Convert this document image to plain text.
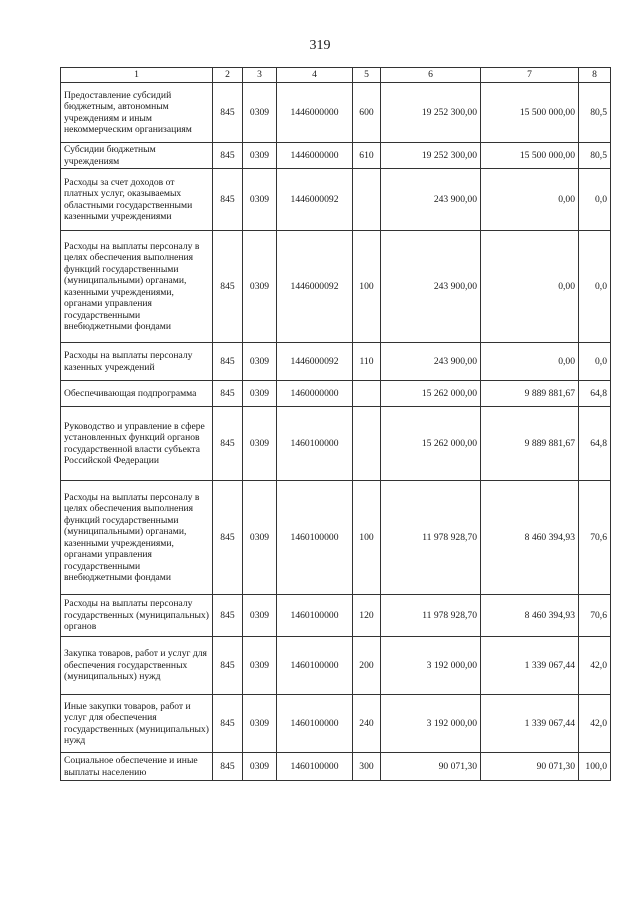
319
1	2	3	4	5	6	7	8
Предоставление субсидий бюджетным, автономным учреждениям и иным некоммерческим организациям	845	0309	1446000000	600	19 252 300,00	15 500 000,00	80,5
Субсидии бюджетным учреждениям	845	0309	1446000000	610	19 252 300,00	15 500 000,00	80,5
Расходы за счет доходов от платных услуг, оказываемых областными государственными казенными учреждениями	845	0309	1446000092		243 900,00	0,00	0,0
Расходы на выплаты персоналу в целях обеспечения выполнения функций государственными (муниципальными) органами, казенными учреждениями, органами управления государственными внебюджетными фондами	845	0309	1446000092	100	243 900,00	0,00	0,0
Расходы на выплаты персоналу казенных учреждений	845	0309	1446000092	110	243 900,00	0,00	0,0
Обеспечивающая подпрограмма	845	0309	1460000000		15 262 000,00	9 889 881,67	64,8
Руководство и управление в сфере установленных функций органов государственной власти субъекта Российской Федерации	845	0309	1460100000		15 262 000,00	9 889 881,67	64,8
Расходы на выплаты персоналу в целях обеспечения выполнения функций государственными (муниципальными) органами, казенными учреждениями, органами управления государственными внебюджетными фондами	845	0309	1460100000	100	11 978 928,70	8 460 394,93	70,6
Расходы на выплаты персоналу государственных (муниципальных) органов	845	0309	1460100000	120	11 978 928,70	8 460 394,93	70,6
Закупка товаров, работ и услуг для обеспечения государственных (муниципальных) нужд	845	0309	1460100000	200	3 192 000,00	1 339 067,44	42,0
Иные закупки товаров, работ и услуг для обеспечения государственных (муниципальных) нужд	845	0309	1460100000	240	3 192 000,00	1 339 067,44	42,0
Социальное обеспечение и иные выплаты населению	845	0309	1460100000	300	90 071,30	90 071,30	100,0
